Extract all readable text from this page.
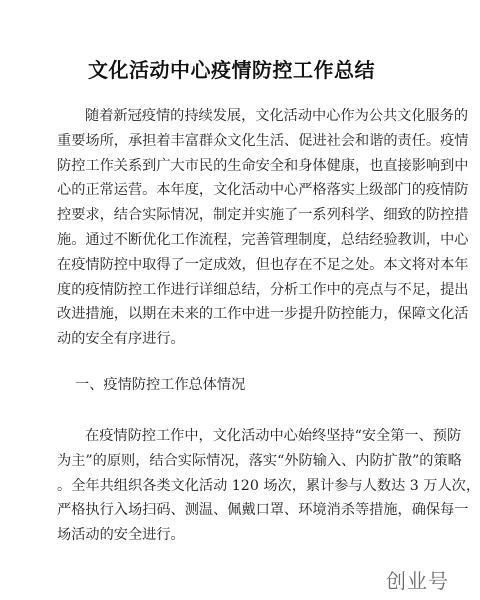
文化活动中心疫情防控工作总结
随着新冠疫情的持续发展，文化活动中心作为公共文化服务的
重要场所，承担着丰富群众文化生活、促进社会和谐的责任。疫情
防控工作关系到广大市民的生命安全和身体健康，也直接影响到中
心的正常运营。本年度，文化活动中心严格落实上级部门的疫情防
控要求，结合实际情况，制定并实施了一系列科学、细致的防控措
施。通过不断优化工作流程，完善管理制度，总结经验教训，中心
在疫情防控中取得了一定成效，但也存在不足之处。本文将对本年
度的疫情防控工作进行详细总结，分析工作中的亮点与不足，提出
改进措施，以期在未来的工作中进一步提升防控能力，保障文化活
动的安全有序进行。
一、疫情防控工作总体情况
在疫情防控工作中，文化活动中心始终坚持“安全第一、预防
为主”的原则，结合实际情况，落实“外防输入、内防扩散”的策略
。全年共组织各类文化活动 120 场次，累计参与人数达 3 万人次，
严格执行入场扫码、测温、佩戴口罩、环境消杀等措施，确保每一
场活动的安全进行。
创业号
